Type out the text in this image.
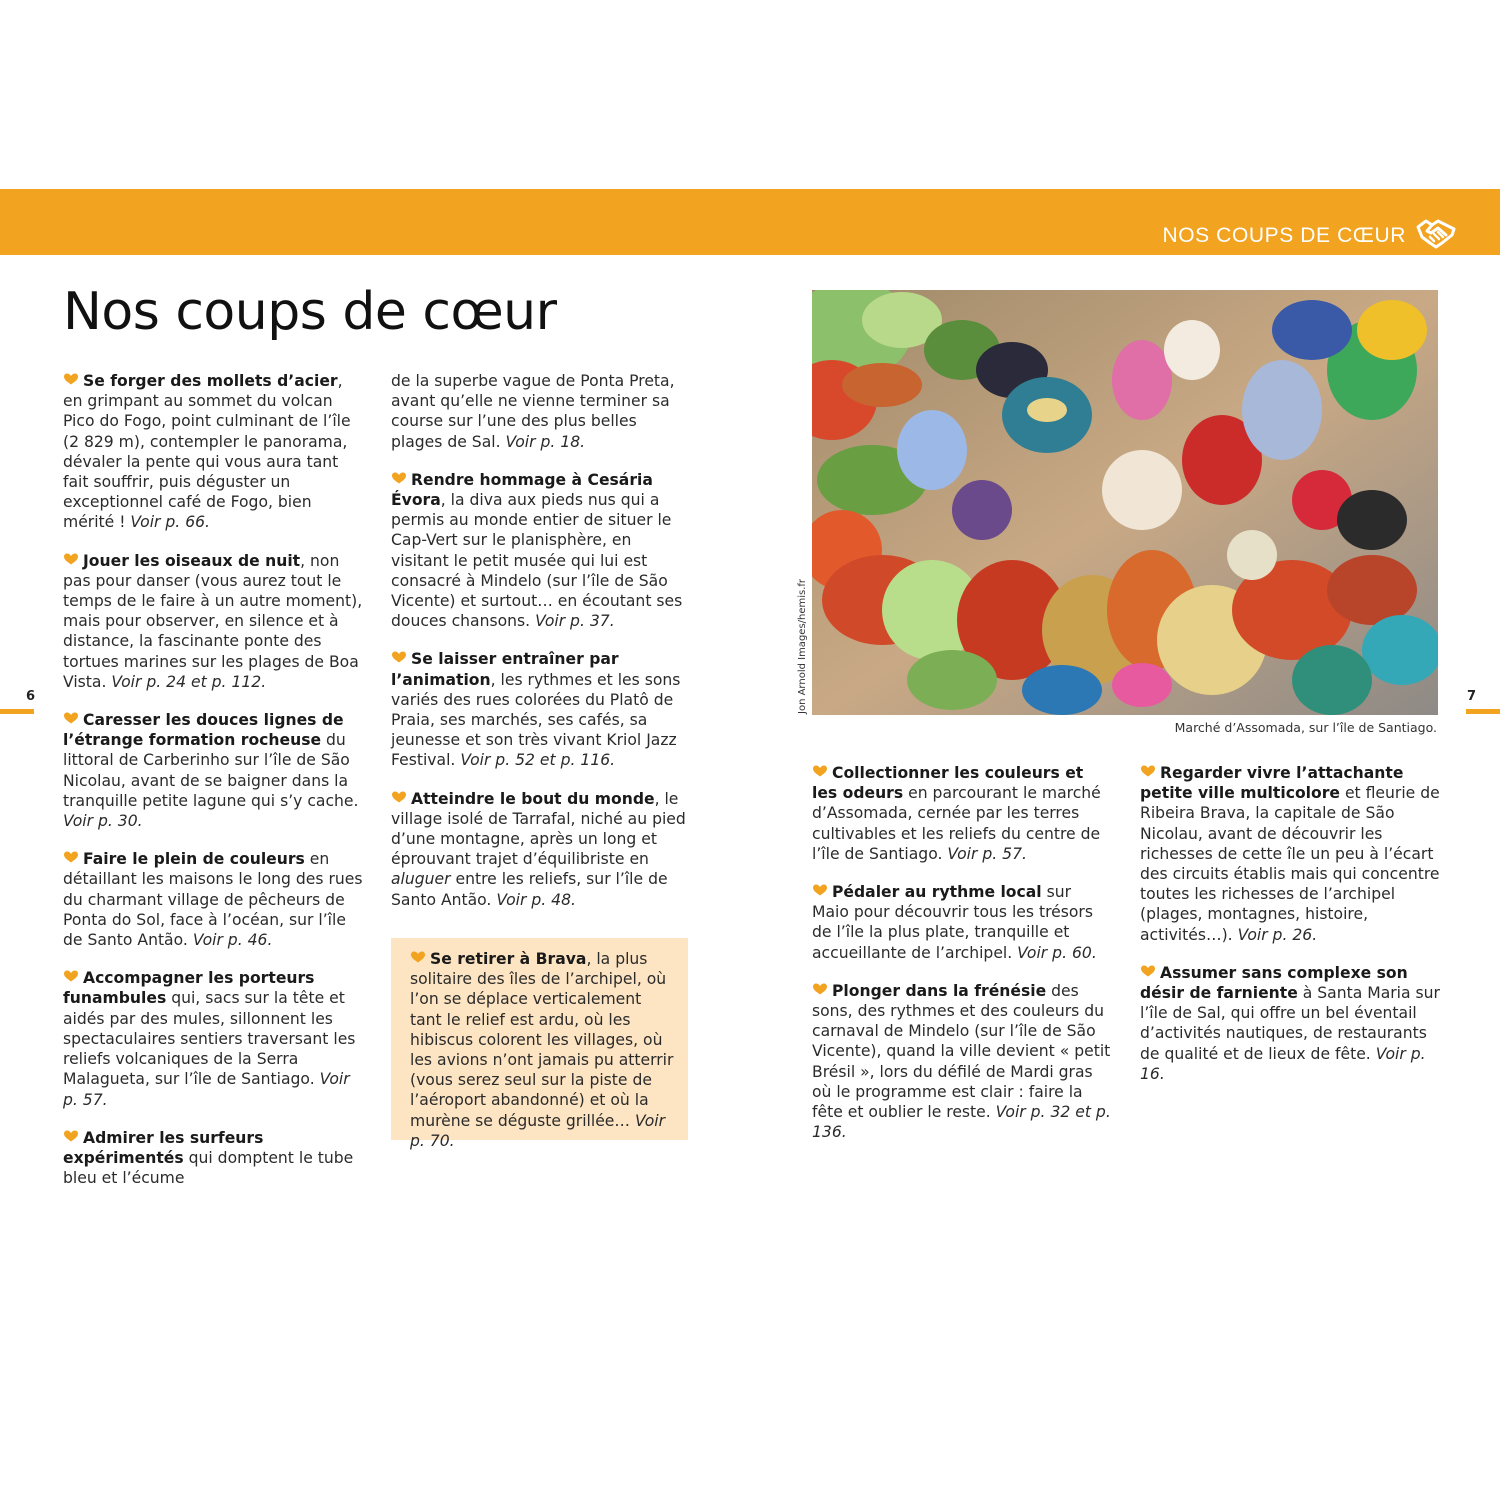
NOS COUPS DE CŒUR
Nos coups de cœur

Se forger des mollets d’acier, en grimpant au sommet du volcan Pico do Fogo, point culminant de l’île (2 829 m), contempler le panorama, dévaler la pente qui vous aura tant fait souffrir, puis déguster un exceptionnel café de Fogo, bien mérité ! Voir p. 66.

Jouer les oiseaux de nuit, non pas pour danser (vous aurez tout le temps de le faire à un autre moment), mais pour observer, en silence et à distance, la fascinante ponte des tortues marines sur les plages de Boa Vista. Voir p. 24 et p. 112.

Caresser les douces lignes de l’étrange formation rocheuse du littoral de Carberinho sur l’île de São Nicolau, avant de se baigner dans la tranquille petite lagune qui s’y cache. Voir p. 30.

Faire le plein de couleurs en détaillant les maisons le long des rues du charmant village de pêcheurs de Ponta do Sol, face à l’océan, sur l’île de Santo Antão. Voir p. 46.

Accompagner les porteurs funambules qui, sacs sur la tête et aidés par des mules, sillonnent les spectaculaires sentiers traversant les reliefs volcaniques de la Serra Malagueta, sur l’île de Santiago. Voir p. 57.

Admirer les surfeurs expérimentés qui domptent le tube bleu et l’écume

de la superbe vague de Ponta Preta, avant qu’elle ne vienne terminer sa course sur l’une des plus belles plages de Sal. Voir p. 18.

Rendre hommage à Cesária Évora, la diva aux pieds nus qui a permis au monde entier de situer le Cap-Vert sur le planisphère, en visitant le petit musée qui lui est consacré à Mindelo (sur l’île de São Vicente) et surtout… en écoutant ses douces chansons. Voir p. 37.

Se laisser entraîner par l’animation, les rythmes et les sons variés des rues colorées du Platô de Praia, ses marchés, ses cafés, sa jeunesse et son très vivant Kriol Jazz Festival. Voir p. 52 et p. 116.

Atteindre le bout du monde, le village isolé de Tarrafal, niché au pied d’une montagne, après un long et éprouvant trajet d’équilibriste en aluguer entre les reliefs, sur l’île de Santo Antão. Voir p. 48.

Se retirer à Brava, la plus solitaire des îles de l’archipel, où l’on se déplace verticalement tant le relief est ardu, où les hibiscus colorent les villages, où les avions n’ont jamais pu atterrir (vous serez seul sur la piste de l’aéroport abandonné) et où la murène se déguste grillée… Voir p. 70.
Marché d’Assomada, sur l’île de Santiago.
Jon Arnold Images/hemis.fr

Collectionner les couleurs et les odeurs en parcourant le marché d’Assomada, cernée par les terres cultivables et les reliefs du centre de l’île de Santiago. Voir p. 57.

Pédaler au rythme local sur Maio pour découvrir tous les trésors de l’île la plus plate, tranquille et accueillante de l’archipel. Voir p. 60.

Plonger dans la frénésie des sons, des rythmes et des couleurs du carnaval de Mindelo (sur l’île de São Vicente), quand la ville devient « petit Brésil », lors du défilé de Mardi gras où le programme est clair : faire la fête et oublier le reste. Voir p. 32 et p. 136.

Regarder vivre l’attachante petite ville multicolore et fleurie de Ribeira Brava, la capitale de São Nicolau, avant de découvrir les richesses de cette île un peu à l’écart des circuits établis mais qui concentre toutes les richesses de l’archipel (plages, montagnes, histoire, activités…). Voir p. 26.

Assumer sans complexe son désir de farniente à Santa Maria sur l’île de Sal, qui offre un bel éventail d’activités nautiques, de restaurants de qualité et de lieux de fête. Voir p. 16.

6	7
